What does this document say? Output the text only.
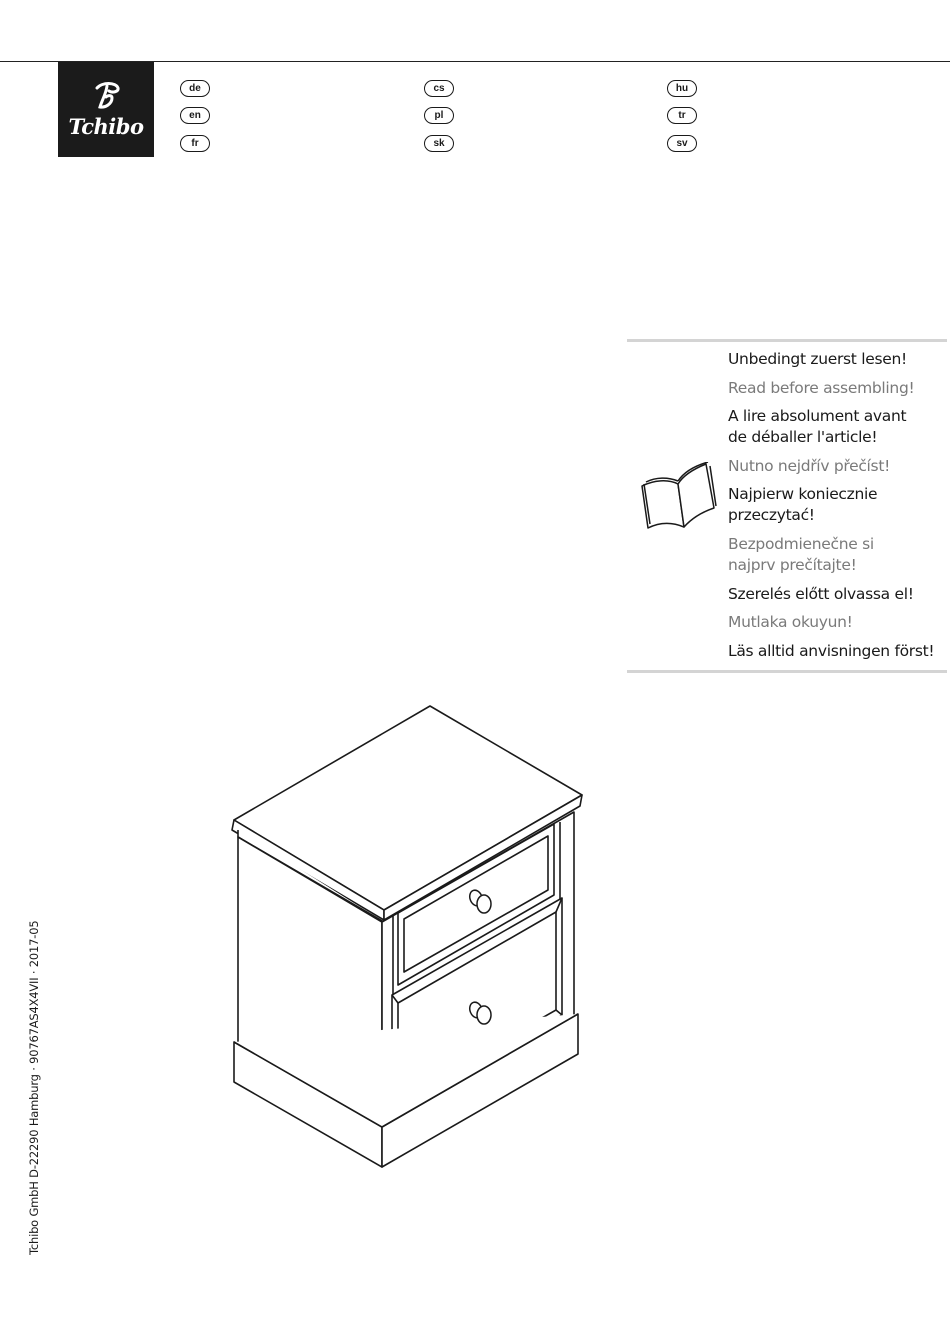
Tchibo
de
en
fr
cs
pl
sk
hu
tr
sv
Unbedingt zuerst lesen!
Read before assembling!
A lire absolument avant
de déballer l'article!
Nutno nejdřív přečíst!
Najpierw koniecznie
przeczytać!
Bezpodmienečne si
najprv prečítajte!
Szerelés előtt olvassa el!
Mutlaka okuyun!
Läs alltid anvisningen först!
Tchibo GmbH D-22290 Hamburg · 90767AS4X4VII · 2017-05
